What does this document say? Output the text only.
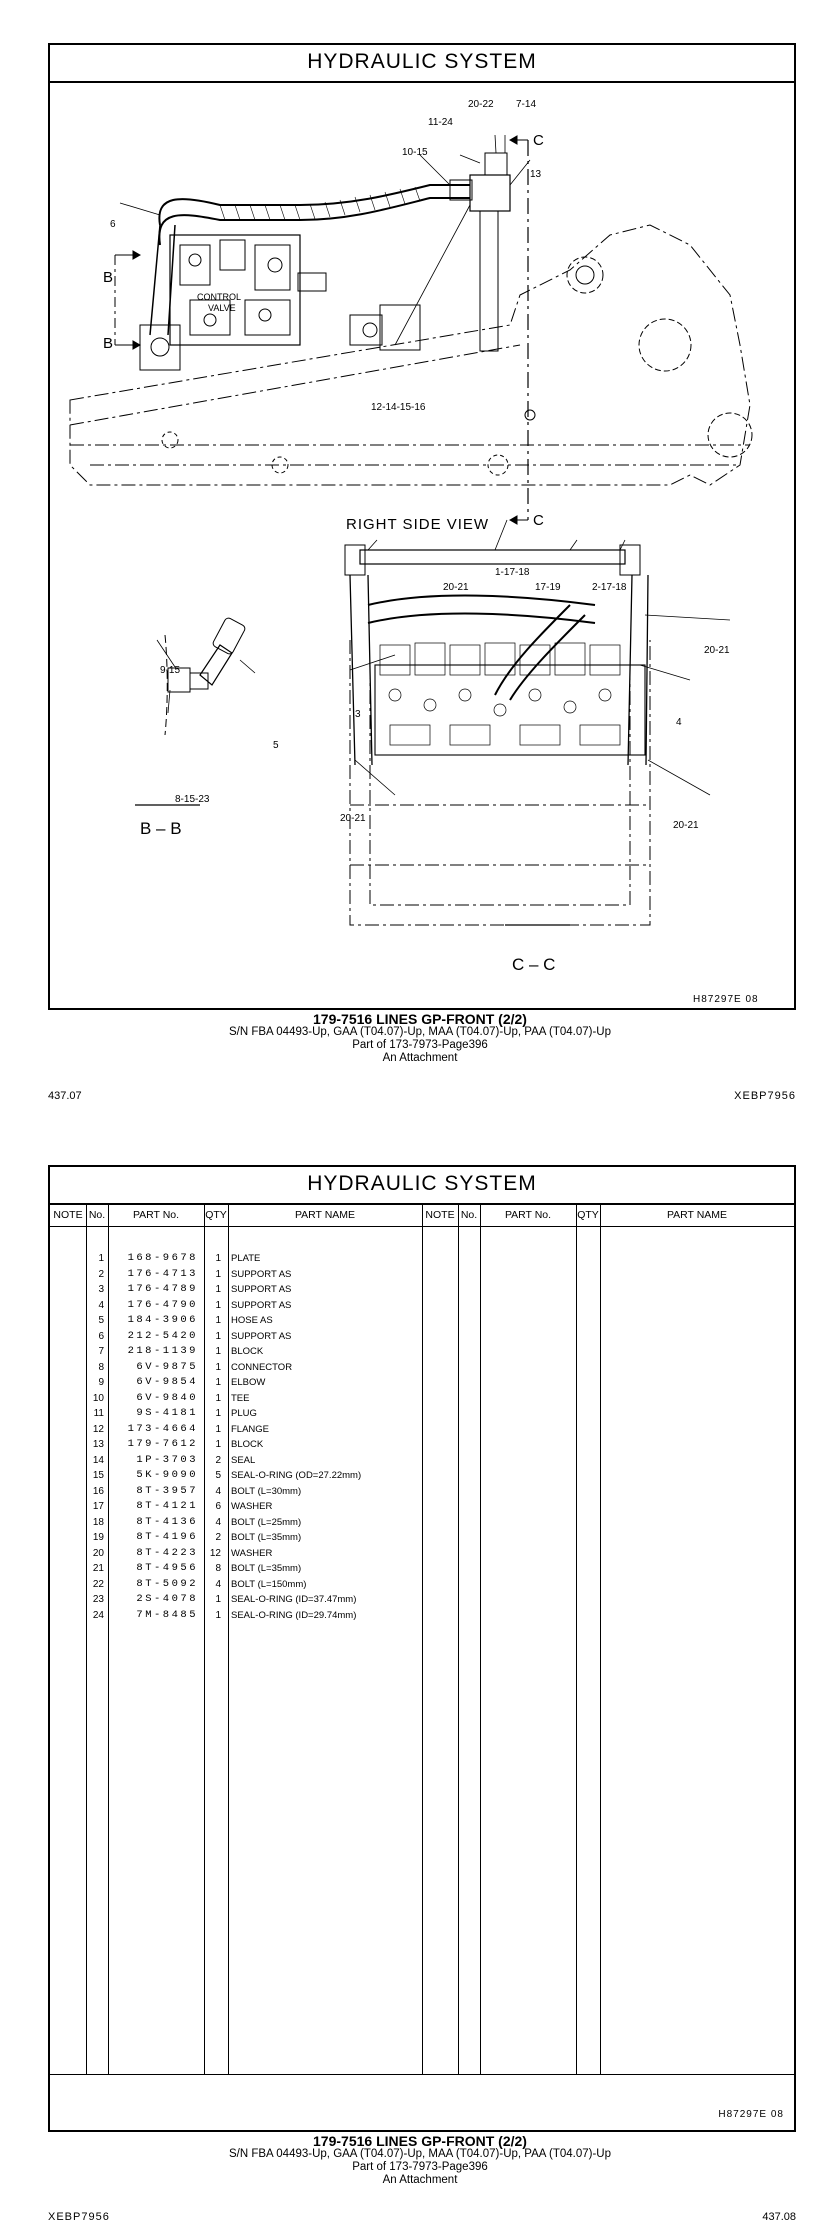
HYDRAULIC SYSTEM
20-22 7-14
11-24
10-15
13
6
12-14-15-16
1-17-18
20-21	17-19	2-17-18
20-21
3
4
20-21
20-21
9-15
5
8-15-23
CONTROL
VALVE
B
B
C
C
RIGHT SIDE VIEW
B – B
C – C
H87297E 08
179-7516 LINES GP-FRONT (2/2)
S/N FBA 04493-Up, GAA (T04.07)-Up, MAA (T04.07)-Up, PAA (T04.07)-Up
Part of 173-7973-Page396
An Attachment
437.07	XEBP7956
HYDRAULIC SYSTEM
NOTE No.	PART No.	QTY	PART NAME	NOTE No.	PART No.	QTY	PART NAME
1	168-9678	1 PLATE
2	176-4713	1 SUPPORT AS
3	176-4789	1 SUPPORT AS
4	176-4790	1 SUPPORT AS
5	184-3906	1 HOSE AS
6	212-5420	1 SUPPORT AS
7	218-1139	1 BLOCK
8	6V-9875	1 CONNECTOR
9	6V-9854	1 ELBOW
10	6V-9840	1 TEE
11	9S-4181	1 PLUG
12	173-4664	1 FLANGE
13	179-7612	1 BLOCK
14	1P-3703	2 SEAL
15	5K-9090	5 SEAL-O-RING (OD=27.22mm)
16	8T-3957	4 BOLT (L=30mm)
17	8T-4121	6 WASHER
18	8T-4136	4 BOLT (L=25mm)
19	8T-4196	2 BOLT (L=35mm)
20	8T-4223	12 WASHER
21	8T-4956	8 BOLT (L=35mm)
22	8T-5092	4 BOLT (L=150mm)
23	2S-4078	1 SEAL-O-RING (ID=37.47mm)
24	7M-8485	1 SEAL-O-RING (ID=29.74mm)
H87297E 08
179-7516 LINES GP-FRONT (2/2)
S/N FBA 04493-Up, GAA (T04.07)-Up, MAA (T04.07)-Up, PAA (T04.07)-Up
Part of 173-7973-Page396
An Attachment
XEBP7956	437.08
